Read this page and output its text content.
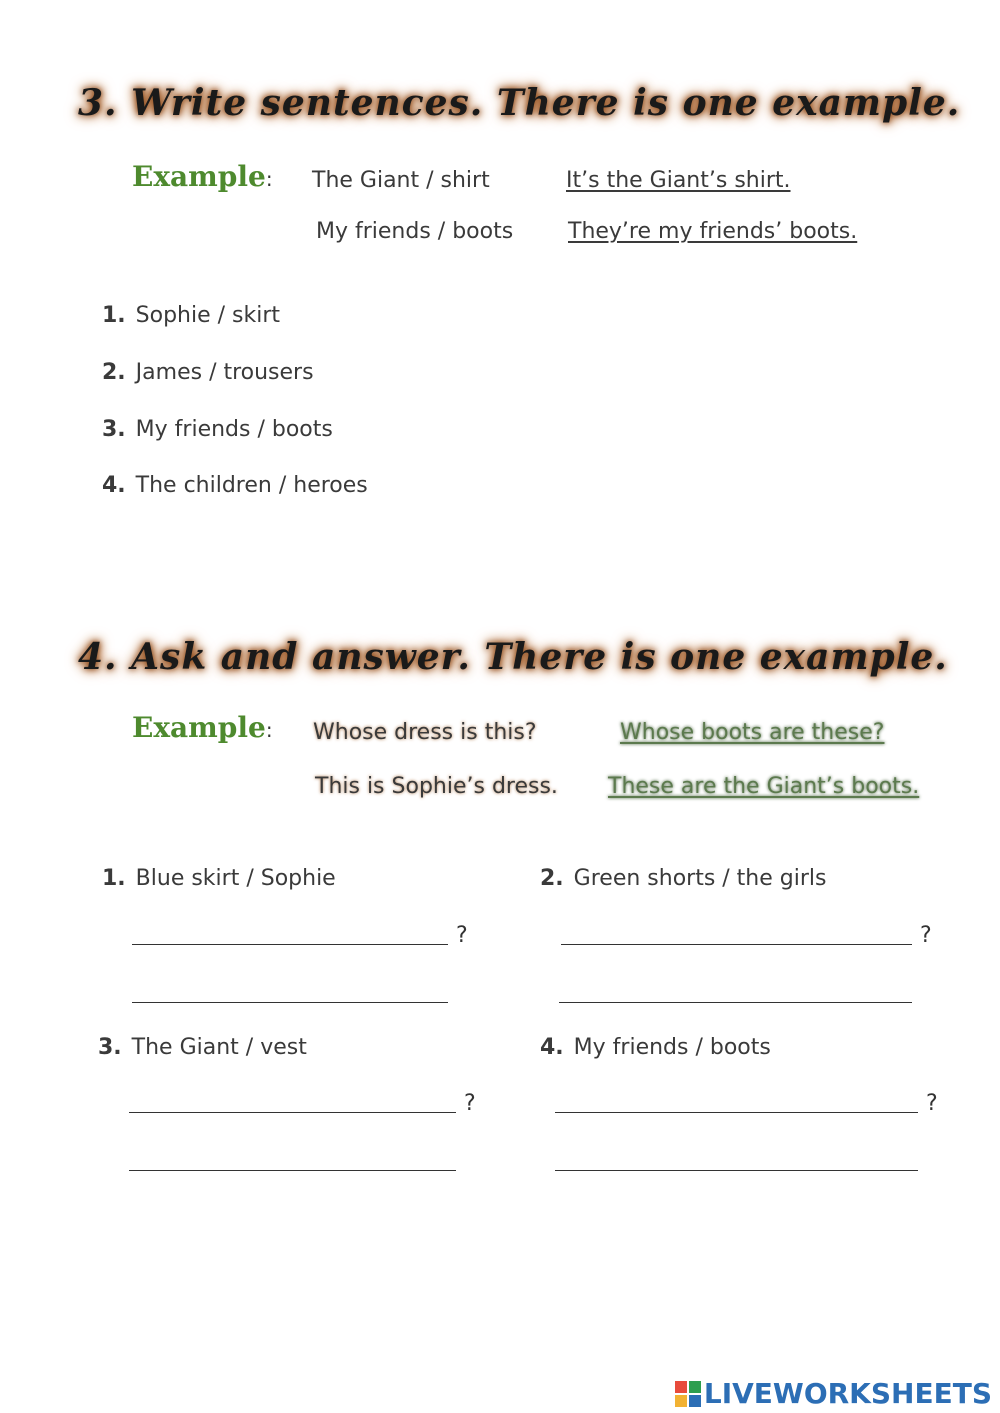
3. Write sentences. There is one example.
Example: The Giant / shirt	It’s the Giant’s shirt.
My friends / boots They’re my friends’ boots.
1. Sophie / skirt
2. James / trousers
3. My friends / boots
4. The children / heroes
4. Ask and answer. There is one example.
Example: Whose dress is this?
This is Sophie’s dress.
Whose boots are these?
These are the Giant’s boots.
1. Blue skirt / Sophie
?
2. Green shorts / the girls
?
3. The Giant / vest
?
4. My friends / boots
?
LIVEWORKSHEETS
